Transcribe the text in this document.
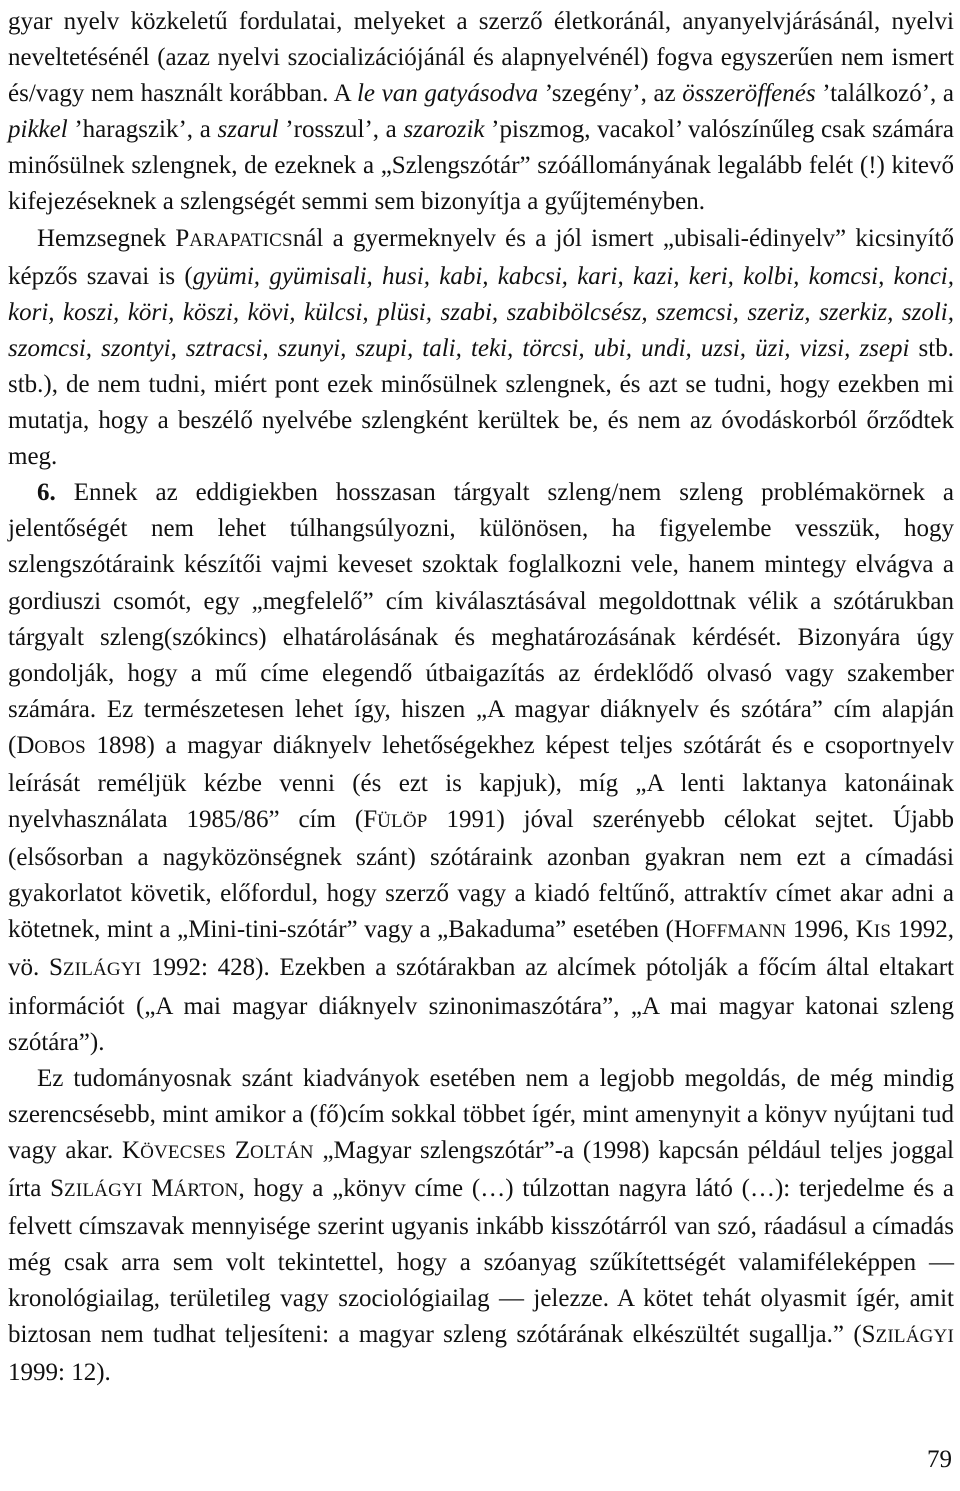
gyar nyelv közkeletű fordulatai, melyeket a szerző életkoránál, anyanyelvjárásánál, nyelvi neveltetésénél (azaz nyelvi szocializációjánál és alapnyelvénél) fogva egyszerűen nem ismert és/vagy nem használt korábban. A le van gatyásodva ’szegény’, az összeröffenés ’találkozó’, a pikkel ’haragszik’, a szarul ’rosszul’, a szarozik ’piszmog, vacakol’ valószínűleg csak számára minősülnek szlengnek, de ezeknek a „Szlengszótár” szóállományának legalább felét (!) kitevő kifejezéseknek a szlengségét semmi sem bizonyítja a gyűjteményben.

Hemzsegnek PARAPATICSnál a gyermeknyelv és a jól ismert „ubisali-édinyelv” kicsinyítő képzős szavai is (gyümi, gyümisali, husi, kabi, kabcsi, kari, kazi, keri, kolbi, komcsi, konci, kori, koszi, köri, köszi, kövi, külcsi, plüsi, szabi, szabibölcsész, szemcsi, szeriz, szerkiz, szoli, szomcsi, szontyi, sztracsi, szunyi, szupi, tali, teki, törcsi, ubi, undi, uzsi, üzi, vizsi, zsepi stb. stb.), de nem tudni, miért pont ezek minősülnek szlengnek, és azt se tudni, hogy ezekben mi mutatja, hogy a beszélő nyelvébe szlengként kerültek be, és nem az óvodáskorból őrződtek meg.

6. Ennek az eddigiekben hosszasan tárgyalt szleng/nem szleng problémakörnek a jelentőségét nem lehet túlhangsúlyozni, különösen, ha figyelembe vesszük, hogy szlengszótáraink készítői vajmi keveset szoktak foglalkozni vele, hanem mintegy elvágva a gordiuszi csomót, egy „megfelelő” cím kiválasztásával megoldottnak vélik a szótárukban tárgyalt szleng(szókincs) elhatárolásának és meghatározásának kérdését. Bizonyára úgy gondolják, hogy a mű címe elegendő útbaigazítás az érdeklődő olvasó vagy szakember számára. Ez természetesen lehet így, hiszen „A magyar diáknyelv és szótára” cím alapján (DOBOS 1898) a magyar diáknyelv lehetőségekhez képest teljes szótárát és e csoportnyelv leírását reméljük kézbe venni (és ezt is kapjuk), míg „A lenti laktanya katonáinak nyelvhasználata 1985/86” cím (FÜLÖP 1991) jóval szerényebb célokat sejtet. Újabb (elsősorban a nagyközönségnek szánt) szótáraink azonban gyakran nem ezt a címadási gyakorlatot követik, előfordul, hogy szerző vagy a kiadó feltűnő, attraktív címet akar adni a kötetnek, mint a „Mini-tini-szótár” vagy a „Bakaduma” esetében (HOFFMANN 1996, KIS 1992, vö. SZILÁGYI 1992: 428). Ezekben a szótárakban az alcímek pótolják a főcím által eltakart információt („A mai magyar diáknyelv szinonimaszótára”, „A mai magyar katonai szleng szótára”).

Ez tudományosnak szánt kiadványok esetében nem a legjobb megoldás, de még mindig szerencsésebb, mint amikor a (fő)cím sokkal többet ígér, mint amenynyit a könyv nyújtani tud vagy akar. KÖVECSES ZOLTÁN „Magyar szlengszótár”-a (1998) kapcsán például teljes joggal írta SZILÁGYI MÁRTON, hogy a „könyv címe (…) túlzottan nagyra látó (…): terjedelme és a felvett címszavak mennyisége szerint ugyanis inkább kisszótárról van szó, ráadásul a címadás még csak arra sem volt tekintettel, hogy a szóanyag szűkítettségét valamiféleképpen — kronológiailag, területileg vagy szociológiailag — jelezze. A kötet tehát olyasmit ígér, amit biztosan nem tudhat teljesíteni: a magyar szleng szótárának elkészültét sugallja.” (SZILÁGYI 1999: 12).

79
